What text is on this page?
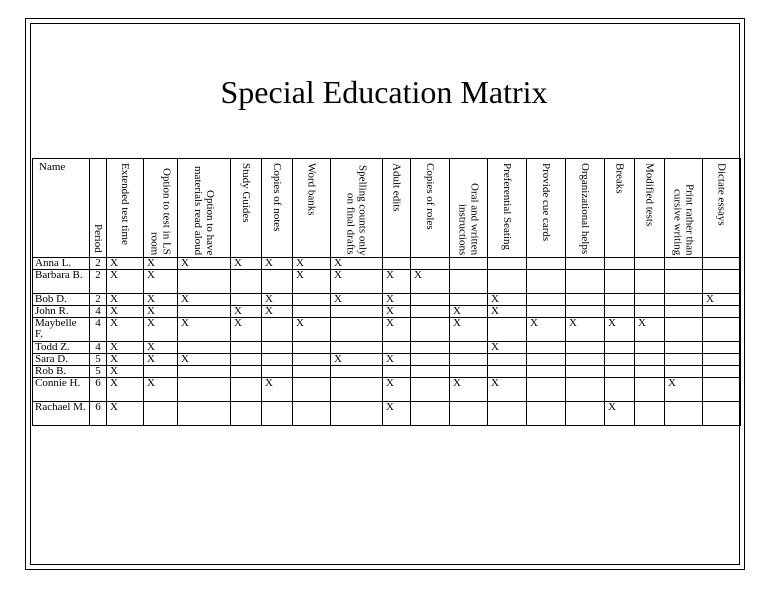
Special Education Matrix
Name	Period	Extended test time	Option to test in LS room	Option to have materials read aloud	Study Guides	Copies of notes	Word banks	Spelling counts only on final drafts	Adult edits	Copies of roles	Oral and written instructions	Preferential Seating	Provide cue cards	Organizational helps	Breaks	Modified tests	Print rather than cursive writing	Dictate essays

Anna L.	2	X	X	X	X	X	X	X										
Barbara B.	2	X	X				X	X	X	X								
Bob D.	2	X	X	X		X		X	X			X						X
John R.	4	X	X		X	X			X		X	X						
Maybelle F.	4	X	X	X	X		X		X		X		X	X	X	X		
Todd Z.	4	X	X									X						
Sara D.	5	X	X	X				X	X									
Rob B.	5	X																
Connie H.	6	X	X			X			X		X	X					X	
Rachael M.	6	X							X						X			
